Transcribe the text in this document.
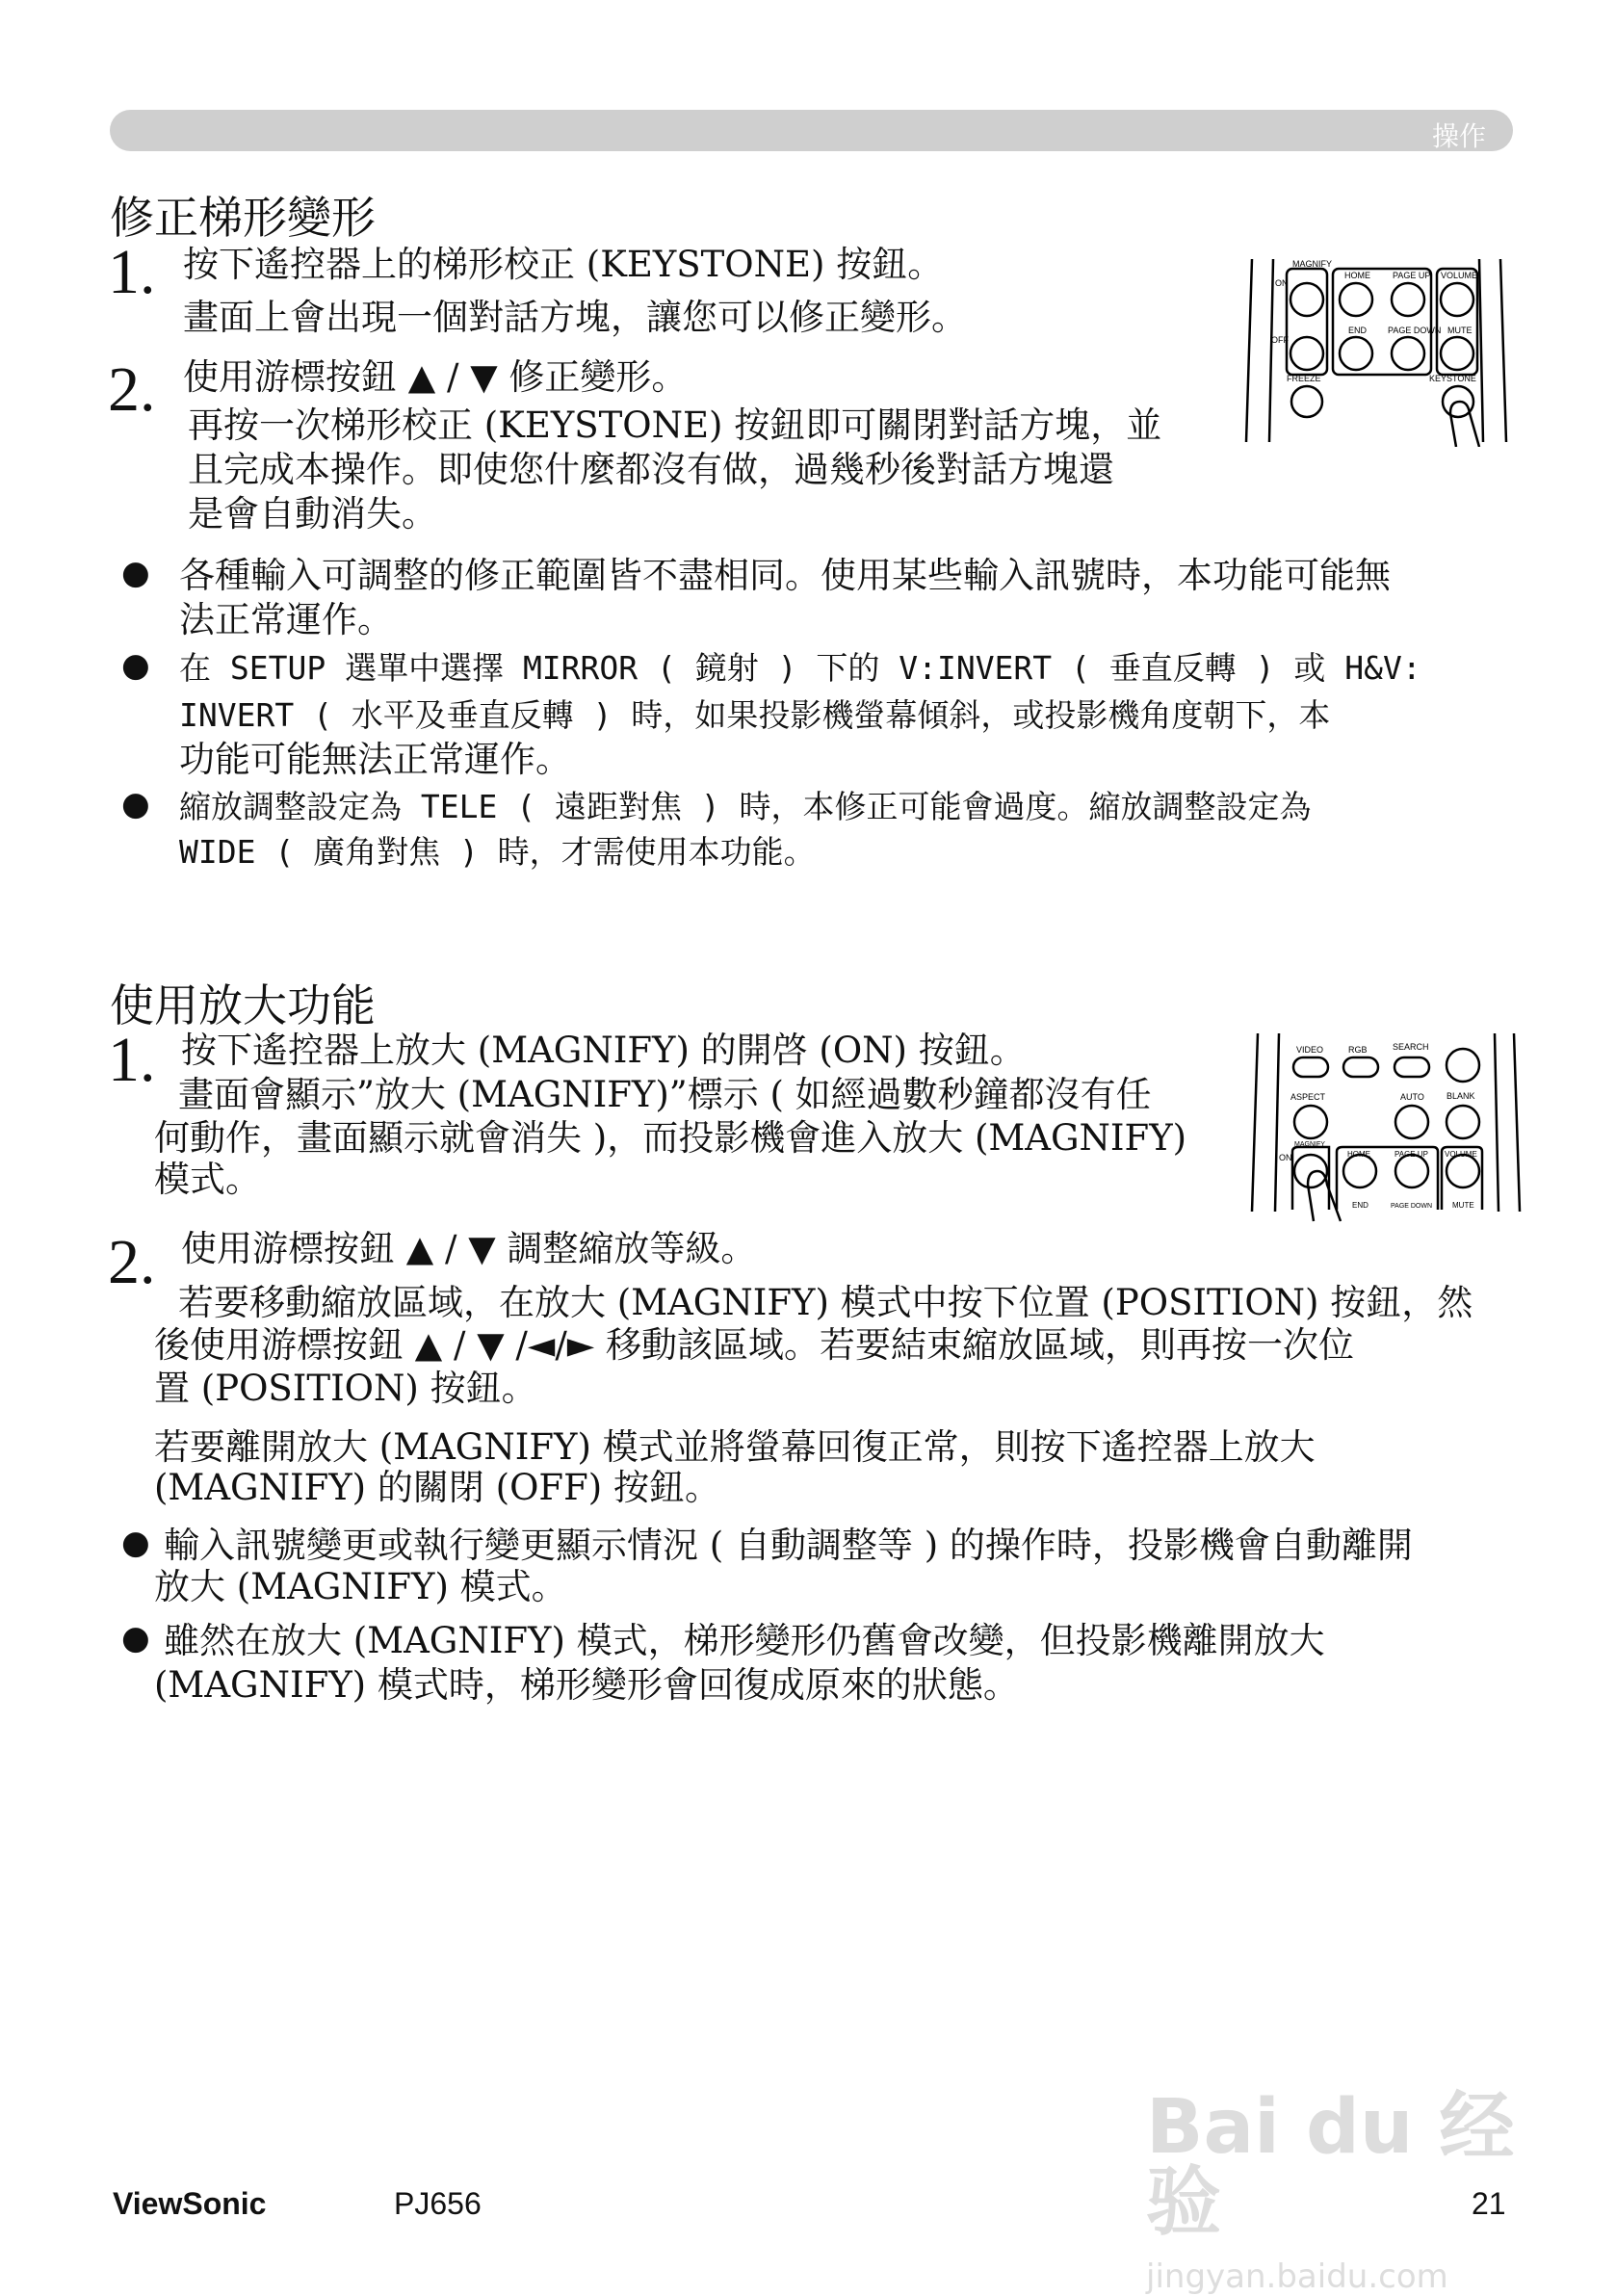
操作
修正梯形變形
1. 按下遙控器上的梯形校正 (KEYSTONE) 按鈕。
畫面上會出現一個對話方塊，讓您可以修正變形。
2. 使用游標按鈕 ▲ / ▼ 修正變形。
再按一次梯形校正 (KEYSTONE) 按鈕即可關閉對話方塊，並
且完成本操作。即使您什麼都沒有做，過幾秒後對話方塊還
是會自動消失。
● 各種輸入可調整的修正範圍皆不盡相同。使用某些輸入訊號時，本功能可能無
法正常運作。
● 在 SETUP 選單中選擇 MIRROR ( 鏡射 ) 下的 V:INVERT ( 垂直反轉 ) 或 H&V:
INVERT ( 水平及垂直反轉 ) 時，如果投影機螢幕傾斜，或投影機角度朝下，本
功能可能無法正常運作。
● 縮放調整設定為 TELE ( 遠距對焦 ) 時，本修正可能會過度。縮放調整設定為
WIDE ( 廣角對焦 ) 時，才需使用本功能。
MAGNIFY
ON
OFF
HOME	PAGE UP VOLUME
END PAGE DOWN MUTE
FREEZE	KEYSTONE
使用放大功能
1. 按下遙控器上放大 (MAGNIFY) 的開啓 (ON) 按鈕。
畫面會顯示”放大 (MAGNIFY)”標示 ( 如經過數秒鐘都沒有任
何動作，畫面顯示就會消失 )，而投影機會進入放大 (MAGNIFY)
模式。
2. 使用游標按鈕 ▲ / ▼ 調整縮放等級。
若要移動縮放區域，在放大 (MAGNIFY) 模式中按下位置 (POSITION) 按鈕，然
後使用游標按鈕 ▲ / ▼ /◄/► 移動該區域。若要結束縮放區域，則再按一次位
置 (POSITION) 按鈕。
若要離開放大 (MAGNIFY) 模式並將螢幕回復正常，則按下遙控器上放大
(MAGNIFY) 的關閉 (OFF) 按鈕。
● 輸入訊號變更或執行變更顯示情況 ( 自動調整等 ) 的操作時，投影機會自動離開
放大 (MAGNIFY) 模式。
● 雖然在放大 (MAGNIFY) 模式，梯形變形仍舊會改變，但投影機離開放大
(MAGNIFY) 模式時，梯形變形會回復成原來的狀態。
VIDEO	RGB	SEARCH
ASPECT	AUTO	BLANK
MAGNIFY
ON	HOME	PAGE UP VOLUME
END	PAGE DOWN	MUTE
Bai du 经验
jingyan.baidu.com
ViewSonic	PJ656	21
